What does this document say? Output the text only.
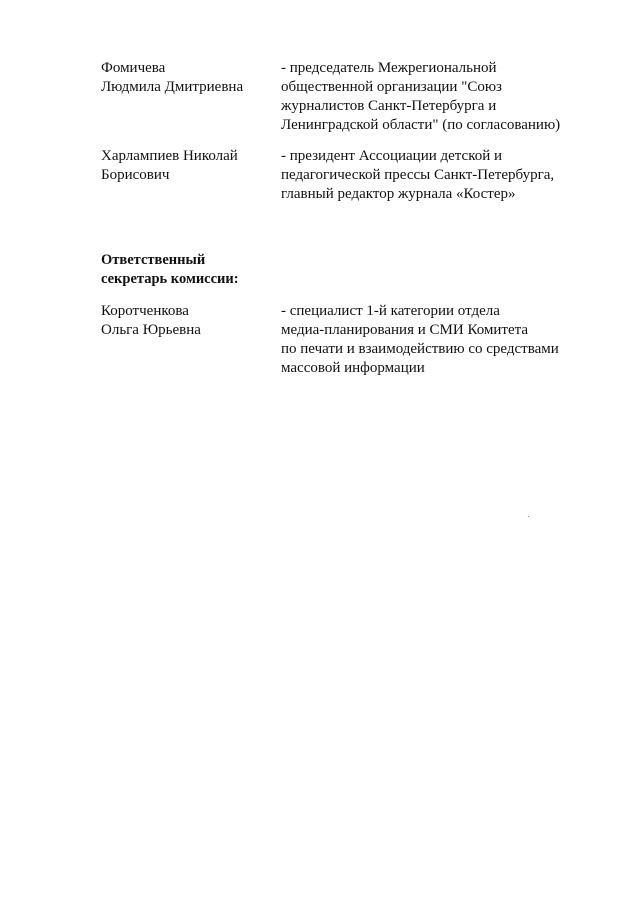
Фомичева
Людмила Дмитриевна
- председатель Межрегиональной
общественной организации "Союз
журналистов Санкт-Петербурга и
Ленинградской области" (по согласованию)
Харлампиев Николай
Борисович
- президент Ассоциации детской и
педагогической прессы Санкт-Петербурга,
главный редактор журнала «Костер»
Ответственный
секретарь комиссии:
Коротченкова
Ольга Юрьевна
- специалист 1-й категории отдела
медиа-планирования и СМИ Комитета
по печати и взаимодействию со средствами
массовой информации
